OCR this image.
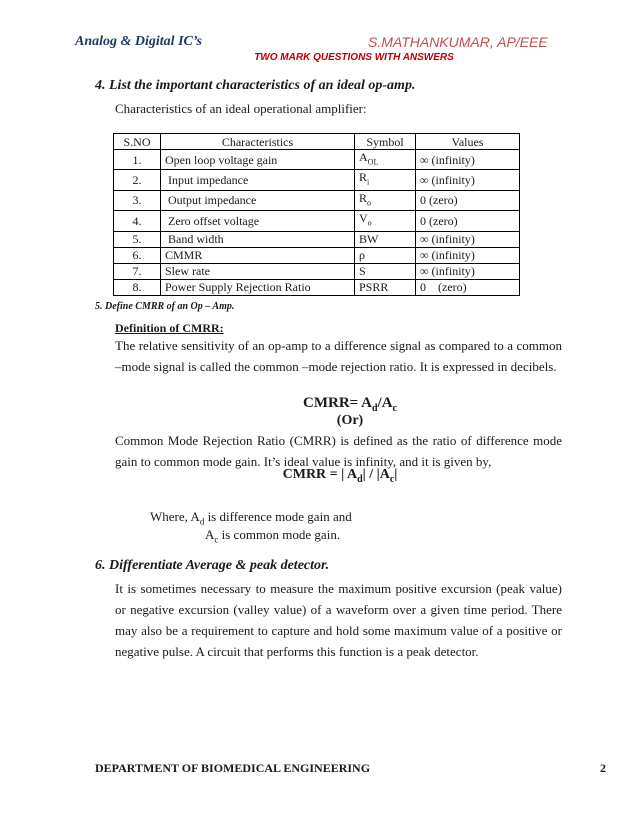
Analog & Digital IC’s	S.MATHANKUMAR, AP/EEE
TWO MARK QUESTIONS WITH ANSWERS
4. List the important characteristics of an ideal op-amp.
Characteristics of an ideal operational amplifier:
S.NO	Characteristics	Symbol	Values
1.	Open loop voltage gain	$A_{OL}$	∞ (infinity)
2.	Input impedance	$R_i$	∞ (infinity)
3.	Output impedance	$R_o$	0 (zero)
4.	Zero offset voltage	$V_o$	0 (zero)
5.	Band width	BW	∞ (infinity)
6.	CMMR	ρ	∞ (infinity)
7.	Slew rate	S	∞ (infinity)
8.	Power Supply Rejection Ratio	PSRR	0    (zero)
5. Define CMRR of an Op – Amp.
Definition of CMRR:
The relative sensitivity of an op-amp to a difference signal as compared to a common –mode signal is called the common –mode rejection ratio. It is expressed in decibels.
CMRR= $A_d/A_c$
(Or)
Common Mode Rejection Ratio (CMRR) is defined as the ratio of difference mode gain to common mode gain. It’s ideal value is infinity, and it is given by,
CMRR = | $A_d| / |A_c|$
Where, $A_d$ is difference mode gain and
$A_c$ is common mode gain.
6. Differentiate Average & peak detector.
It is sometimes necessary to measure the maximum positive excursion (peak value) or negative excursion (valley value) of a waveform over a given time period. There may also be a requirement to capture and hold some maximum value of a positive or negative pulse. A circuit that performs this function is a peak detector.
DEPARTMENT OF BIOMEDICAL ENGINEERING	2
